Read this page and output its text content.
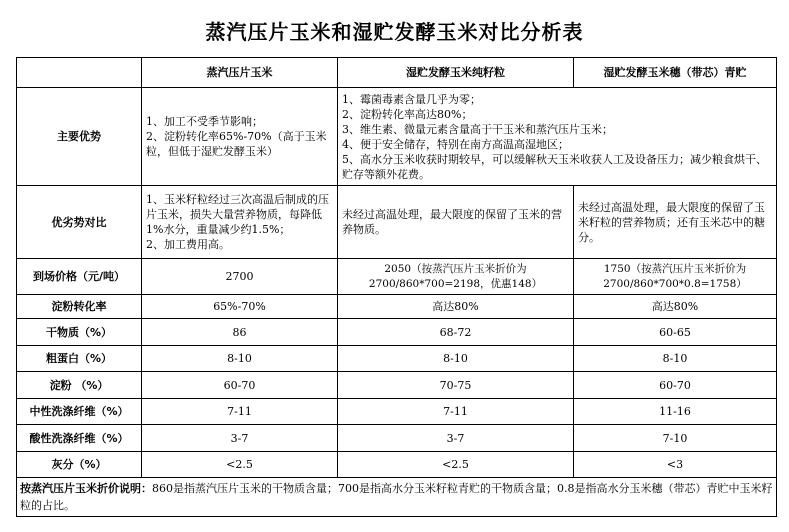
蒸汽压片玉米和湿贮发酵玉米对比分析表
	蒸汽压片玉米	湿贮发酵玉米纯籽粒	湿贮发酵玉米穗（带芯）青贮
主要优势	1、加工不受季节影响；
2、淀粉转化率65%-70%（高于玉米粒，但低于湿贮发酵玉米）	1、霉菌毒素含量几乎为零；
2、淀粉转化率高达80%；
3、维生素、微量元素含量高于干玉米和蒸汽压片玉米；
4、便于安全储存，特别在南方高温高湿地区；
5、高水分玉米收获时期较早，可以缓解秋天玉米收获人工及设备压力；减少粮食烘干、贮存等额外花费。	

优劣势对比	1、玉米籽粒经过三次高温后制成的压片玉米，损失大量营养物质，每降低1%水分，重量减少约1.5%；
2、加工费用高。	未经过高温处理，最大限度的保留了玉米的营养物质。	未经过高温处理，最大限度的保留了玉米籽粒的营养物质；还有玉米芯中的糖分。
到场价格（元/吨）	2700	2050（按蒸汽压片玉米折价为2700/860*700=2198，优惠148）	1750（按蒸汽压片玉米折价为2700/860*700*0.8=1758）
淀粉转化率	65%-70%	高达80%	高达80%
干物质（%）	86	68-72	60-65
粗蛋白（%）	8-10	8-10	8-10
淀粉 （%）	60-70	70-75	60-70
中性洗涤纤维（%）	7-11	7-11	11-16
酸性洗涤纤维（%）	3-7	3-7	7-10
灰分（%）	<2.5	<2.5	<3
按蒸汽压片玉米折价说明：860是指蒸汽压片玉米的干物质含量；700是指高水分玉米籽粒青贮的干物质含量；0.8是指高水分玉米穗（带芯）青贮中玉米籽粒的占比。			
